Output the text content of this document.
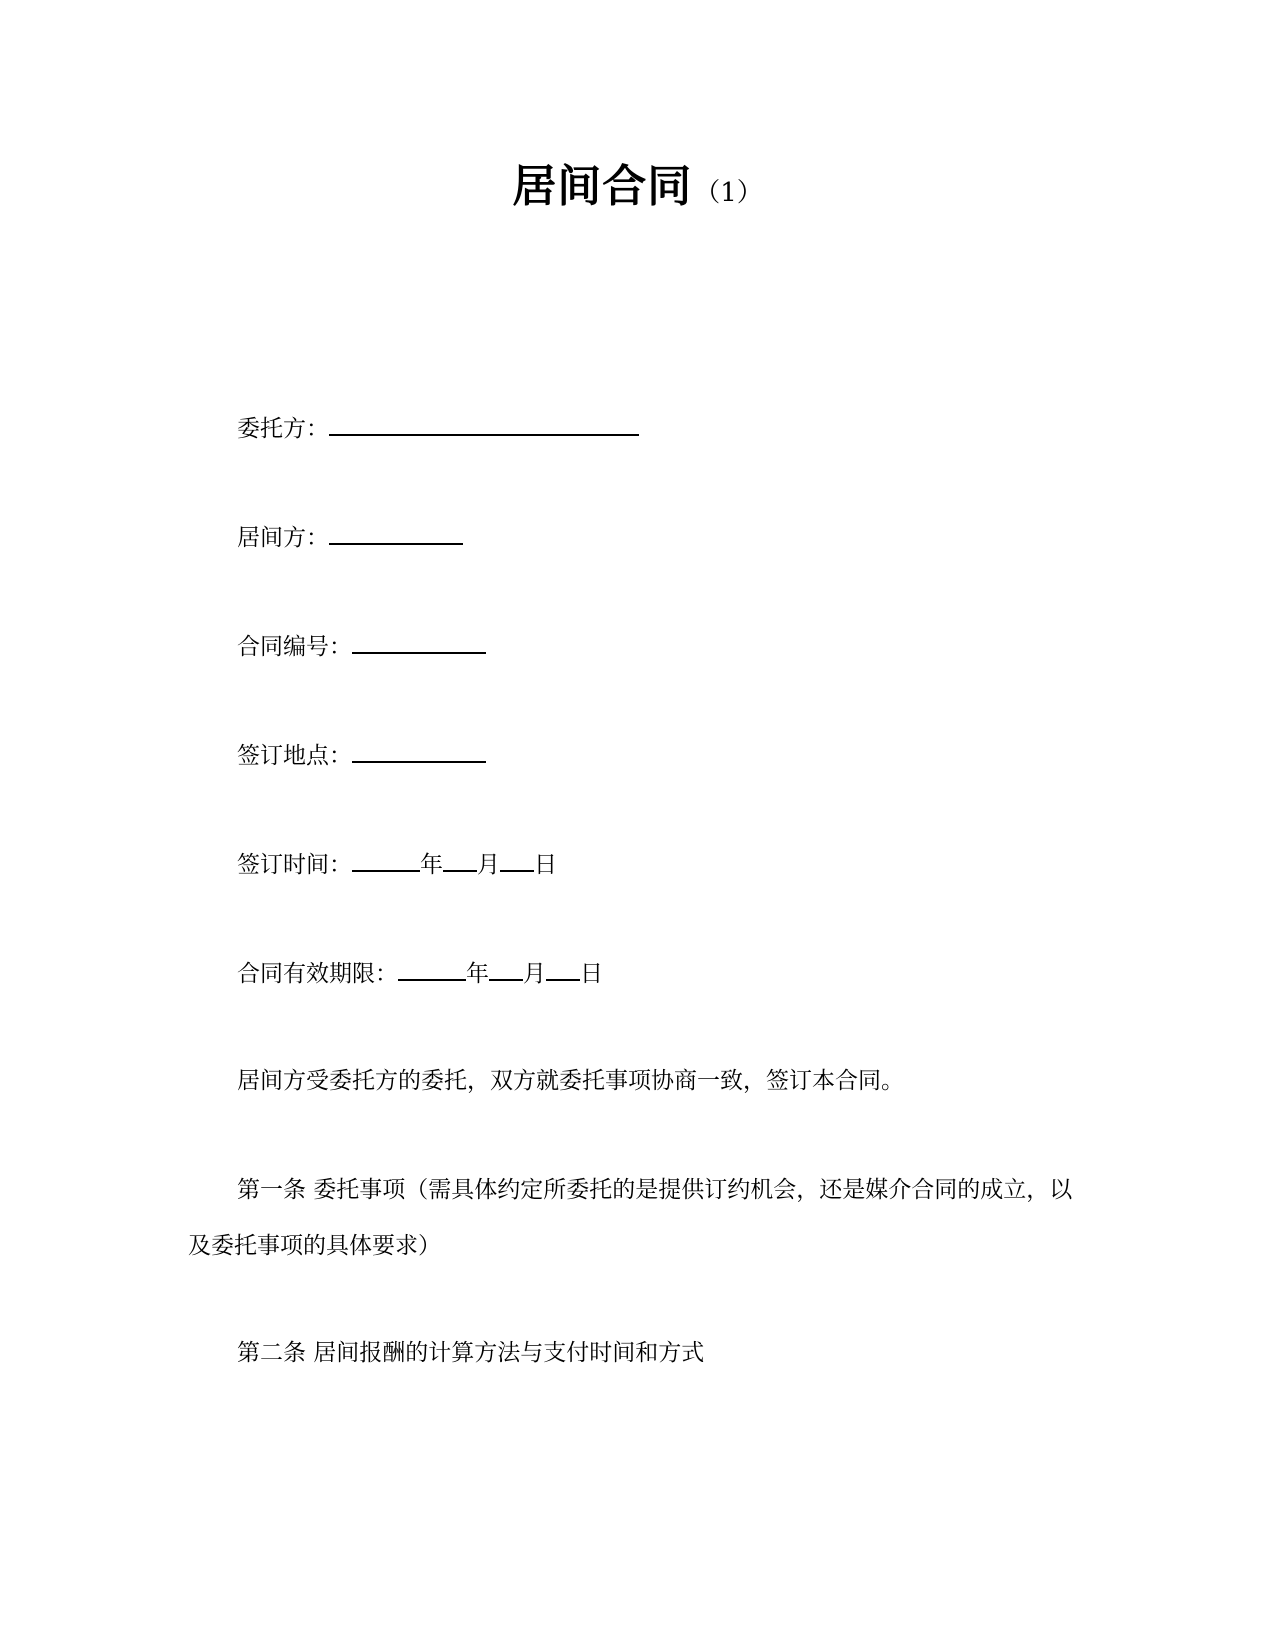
居间合同（1）
委托方：
居间方：
合同编号：
签订地点：
签订时间：	年 月 日
合同有效期限：	年 月 日
居间方受委托方的委托，双方就委托事项协商一致，签订本合同。
第一条 委托事项（需具体约定所委托的是提供订约机会，还是媒介合同的成立，以及委托事项的具体要求）
第二条 居间报酬的计算方法与支付时间和方式
